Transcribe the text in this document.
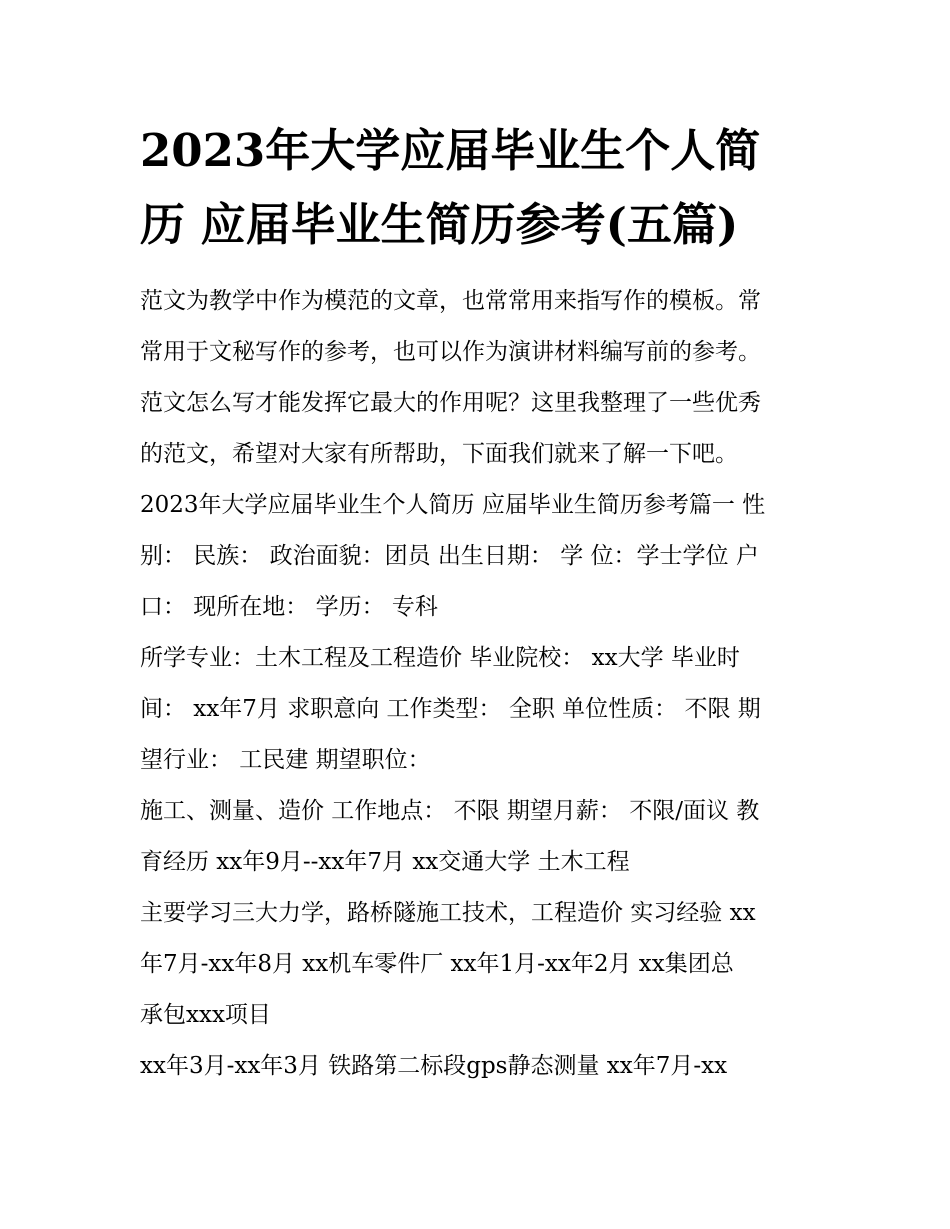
2023年大学应届毕业生个人简
历 应届毕业生简历参考(五篇)
范文为教学中作为模范的文章，也常常用来指写作的模板。常
常用于文秘写作的参考，也可以作为演讲材料编写前的参考。
范文怎么写才能发挥它最大的作用呢？这里我整理了一些优秀
的范文，希望对大家有所帮助，下面我们就来了解一下吧。
2023年大学应届毕业生个人简历 应届毕业生简历参考篇一 性
别： 民族： 政治面貌：团员 出生日期： 学 位：学士学位 户
口： 现所在地： 学历： 专科
所学专业：土木工程及工程造价 毕业院校： xx大学 毕业时
间： xx年7月 求职意向 工作类型： 全职 单位性质： 不限 期
望行业： 工民建 期望职位：
施工、测量、造价 工作地点： 不限 期望月薪： 不限/面议 教
育经历 xx年9月--xx年7月 xx交通大学 土木工程
主要学习三大力学，路桥隧施工技术，工程造价 实习经验 xx
年7月-xx年8月 xx机车零件厂 xx年1月-xx年2月 xx集团总
承包xxx项目
xx年3月-xx年3月 铁路第二标段gps静态测量 xx年7月-xx
